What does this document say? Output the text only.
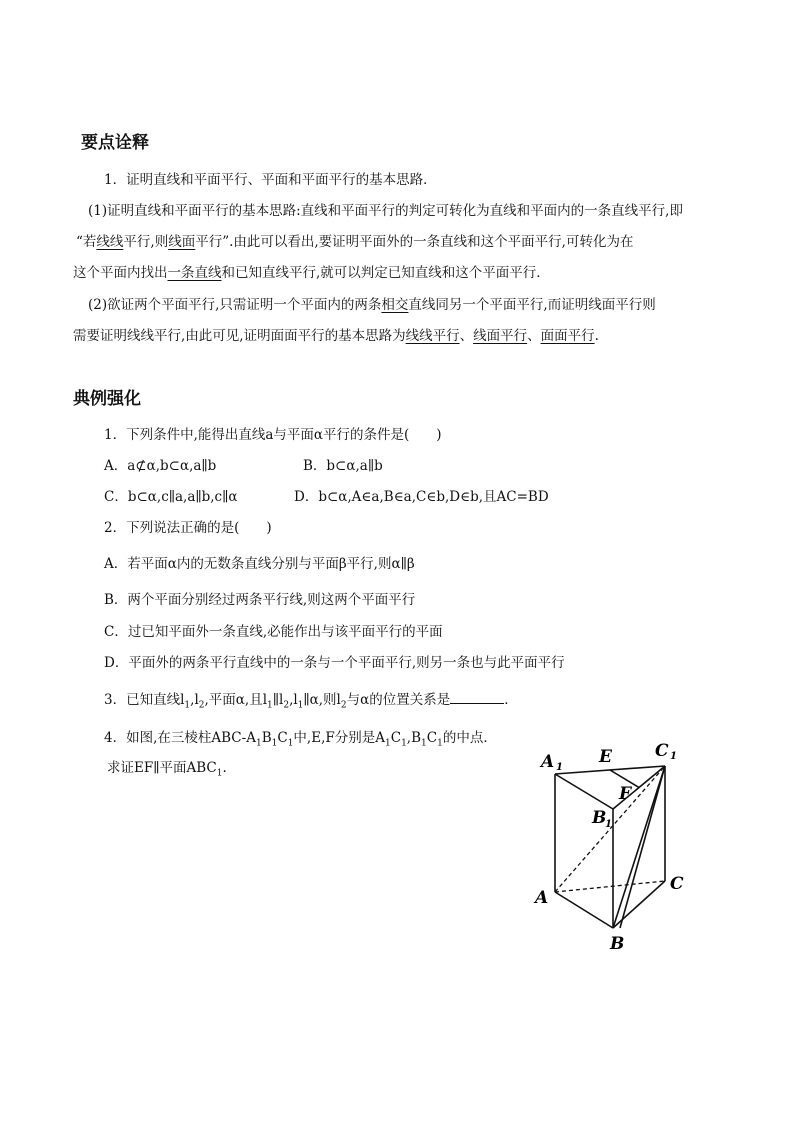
要点诠释
1．证明直线和平面平行、平面和平面平行的基本思路．
(1)证明直线和平面平行的基本思路:直线和平面平行的判定可转化为直线和平面内的一条直线平行,即
“若线线平行,则线面平行”.由此可以看出,要证明平面外的一条直线和这个平面平行,可转化为在
这个平面内找出一条直线和已知直线平行,就可以判定已知直线和这个平面平行．
(2)欲证两个平面平行,只需证明一个平面内的两条相交直线同另一个平面平行,而证明线面平行则
需要证明线线平行,由此可见,证明面面平行的基本思路为线线平行、线面平行、面面平行.
典例强化
1．下列条件中,能得出直线a与平面α平行的条件是(　　)
A．a⊄α,b⊂α,a∥b	B．b⊂α,a∥b
C．b⊂α,c∥a,a∥b,c∥α	D．b⊂α,A∈a,B∈a,C∈b,D∈b,且AC=BD
2．下列说法正确的是(　　)
A．若平面α内的无数条直线分别与平面β平行,则α∥β
B．两个平面分别经过两条平行线,则这两个平面平行
C．过已知平面外一条直线,必能作出与该平面平行的平面
D．平面外的两条平行直线中的一条与一个平面平行,则另一条也与此平面平行
3．已知直线$l_1,l_2$,平面α,且$l_1\parallel l_2,l_1\parallel\alpha$,则$l_2$与α的位置关系是	．
4．如图,在三棱柱ABC-$A_1B_1C_1$中,E,F分别是$A_1C_1,B_1C_1$的中点．
求证EF∥平面$ABC_1$.	A 1
E	C 1
F
B
1
A
B
C
